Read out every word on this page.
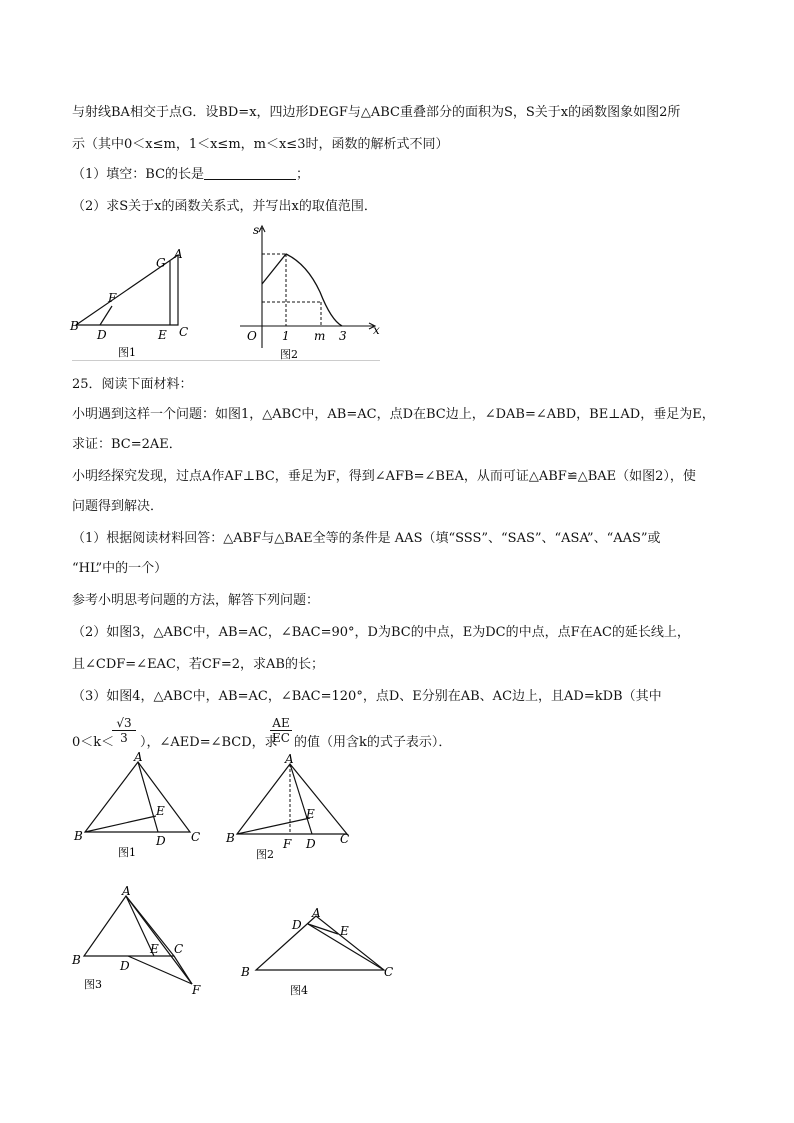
与射线BA相交于点G．设BD=x，四边形DEGF与△ABC重叠部分的面积为S，S关于x的函数图象如图2所
示（其中0＜x≤m，1＜x≤m，m＜x≤3时，函数的解析式不同）
（1）填空：BC的长是	；
（2）求S关于x的函数关系式，并写出x的取值范围．
A
G
F
B
D	E C
图1
s
x
O 1 m 3
图2
25．阅读下面材料：
小明遇到这样一个问题：如图1，△ABC中，AB=AC，点D在BC边上，∠DAB=∠ABD，BE⊥AD，垂足为E，
求证：BC=2AE．
小明经探究发现，过点A作AF⊥BC，垂足为F，得到∠AFB=∠BEA，从而可证△ABF≌△BAE（如图2），使
问题得到解决．
（1）根据阅读材料回答：△ABF与△BAE全等的条件是 AAS（填“SSS”、“SAS”、“ASA”、“AAS”或
“HL”中的一个）
参考小明思考问题的方法，解答下列问题：
（2）如图3，△ABC中，AB=AC，∠BAC=90°，D为BC的中点，E为DC的中点，点F在AC的延长线上，
且∠CDF=∠EAC，若CF=2，求AB的长；
（3）如图4，△ABC中，AB=AC，∠BAC=120°，点D、E分别在AB、AC边上，且AD=kDB（其中
0＜k＜
$\frac{√3}{3}$ ），∠AED=∠BCD，求
$\frac{AE}{EC}$ 的值（用含k的式子表示）．
A
B
E
D C
图1
A
B
E
F D C
图2
A
B
E C
D
F
图3
A
D	E
B	C
图4
